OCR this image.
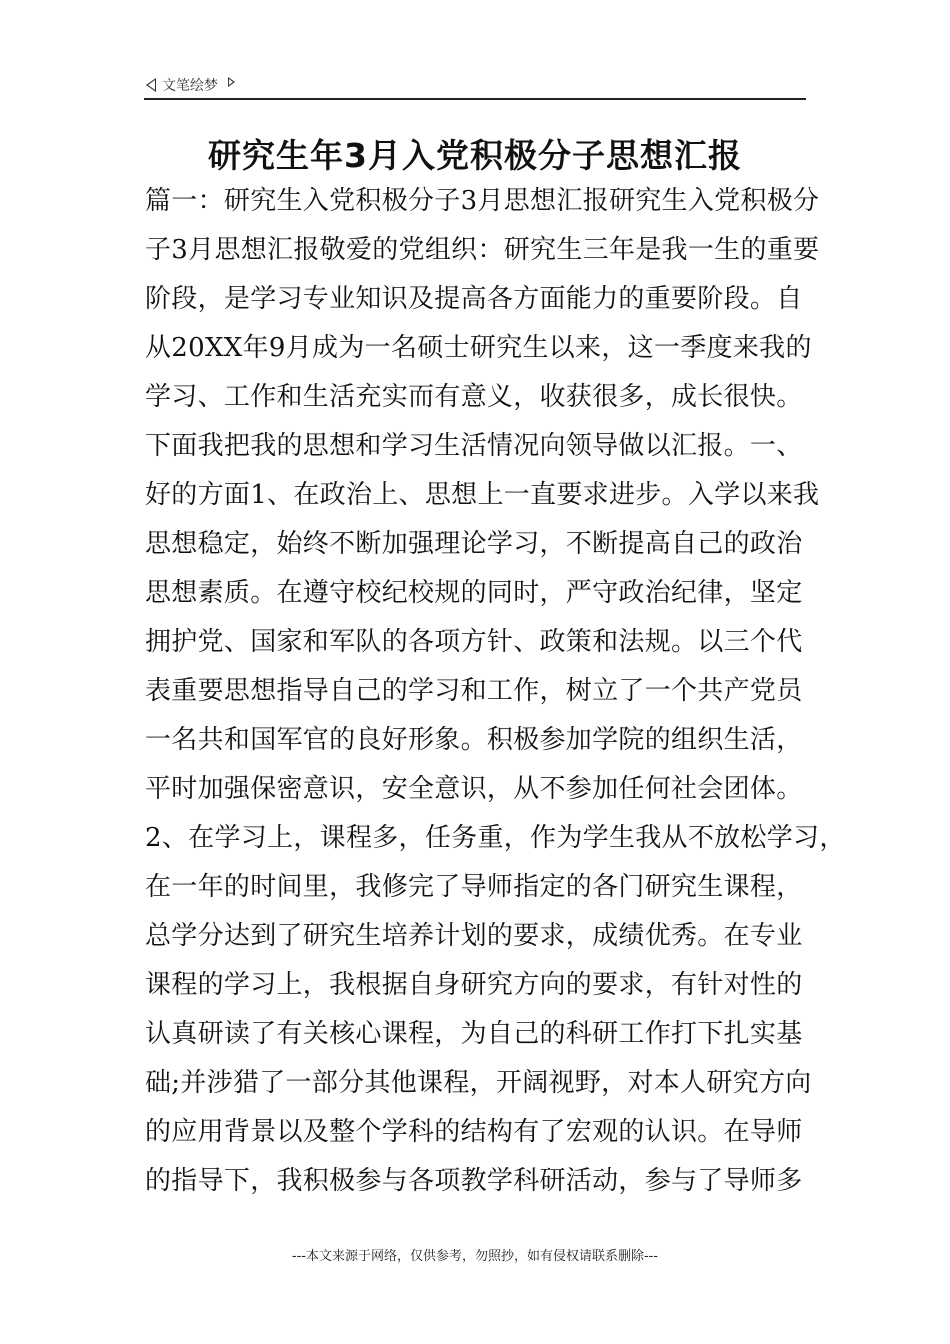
文笔绘梦
研究生年3月入党积极分子思想汇报
篇一：研究生入党积极分子3月思想汇报研究生入党积极分
子3月思想汇报敬爱的党组织：研究生三年是我一生的重要
阶段，是学习专业知识及提高各方面能力的重要阶段。自
从20XX年9月成为一名硕士研究生以来，这一季度来我的
学习、工作和生活充实而有意义，收获很多，成长很快。
下面我把我的思想和学习生活情况向领导做以汇报。一、
好的方面1、在政治上、思想上一直要求进步。入学以来我
思想稳定，始终不断加强理论学习，不断提高自己的政治
思想素质。在遵守校纪校规的同时，严守政治纪律，坚定
拥护党、国家和军队的各项方针、政策和法规。以三个代
表重要思想指导自己的学习和工作，树立了一个共产党员
一名共和国军官的良好形象。积极参加学院的组织生活，
平时加强保密意识，安全意识，从不参加任何社会团体。
2、在学习上，课程多，任务重，作为学生我从不放松学习，
在一年的时间里，我修完了导师指定的各门研究生课程，
总学分达到了研究生培养计划的要求，成绩优秀。在专业
课程的学习上，我根据自身研究方向的要求，有针对性的
认真研读了有关核心课程，为自己的科研工作打下扎实基
础;并涉猎了一部分其他课程，开阔视野，对本人研究方向
的应用背景以及整个学科的结构有了宏观的认识。在导师
的指导下，我积极参与各项教学科研活动，参与了导师多
---本文来源于网络，仅供参考，勿照抄，如有侵权请联系删除---
